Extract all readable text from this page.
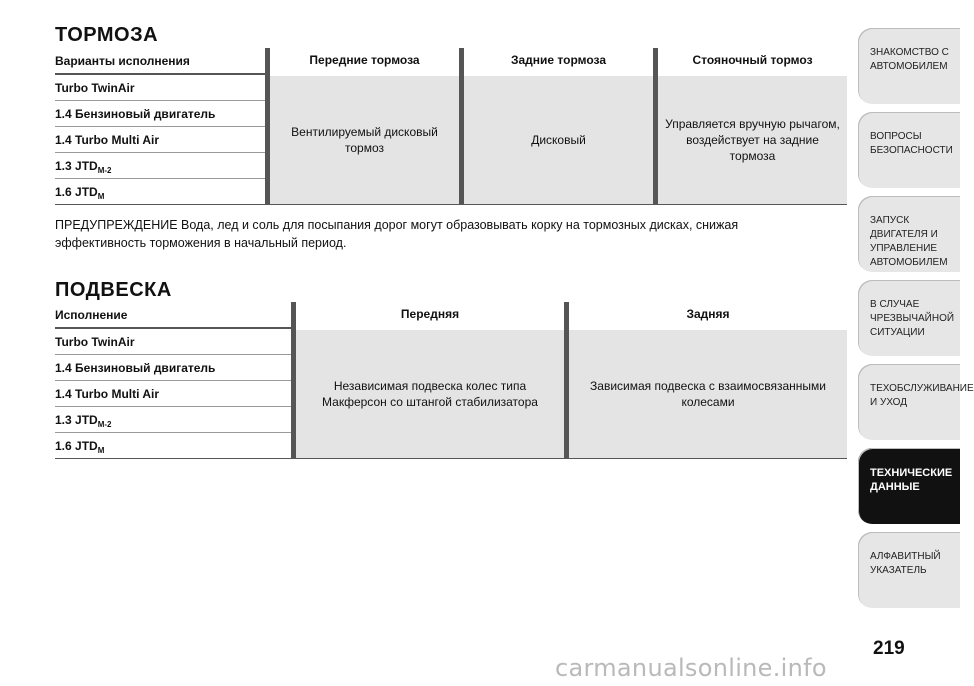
ТОРМОЗА
Варианты исполнения		Передние тормоза		Задние тормоза		Стояночный тормоз
Turbo TwinAir		Вентилируемый дисковый тормоз		Дисковый		Управляется вручную рычагом, воздействует на задние тормоза
1.4 Бензиновый двигатель						
1.4 Turbo Multi Air						
1.3 $JTD_{M-2}$
1.6 $JTD_M$

ПРЕДУПРЕЖДЕНИЕ Вода, лед и соль для посыпания дорог могут образовывать корку на тормозных дисках, снижая эффективность торможения в начальный период.

ПОДВЕСКА
Исполнение		Передняя		Задняя
Turbo TwinAir		Независимая подвеска колес типа Макферсон со штангой стабилизатора		Зависимая подвеска с взаимосвязанными колесами
1.4 Бензиновый двигатель				
1.4 Turbo Multi Air				
1.3 $JTD_{M-2}$
1.6 $JTD_M$
ЗНАКОМСТВО С
АВТОМОБИЛЕМ
ВОПРОСЫ
БЕЗОПАСНОСТИ
ЗАПУСК ДВИГАТЕЛЯ И
УПРАВЛЕНИЕ
АВТОМОБИЛЕМ
В СЛУЧАЕ
ЧРЕЗВЫЧАЙНОЙ
СИТУАЦИИ
ТЕХОБСЛУЖИВАНИЕ
И УХОД
ТЕХНИЧЕСКИЕ
ДАННЫЕ
АЛФАВИТНЫЙ
УКАЗАТЕЛЬ
219
carmanualsonline.info
